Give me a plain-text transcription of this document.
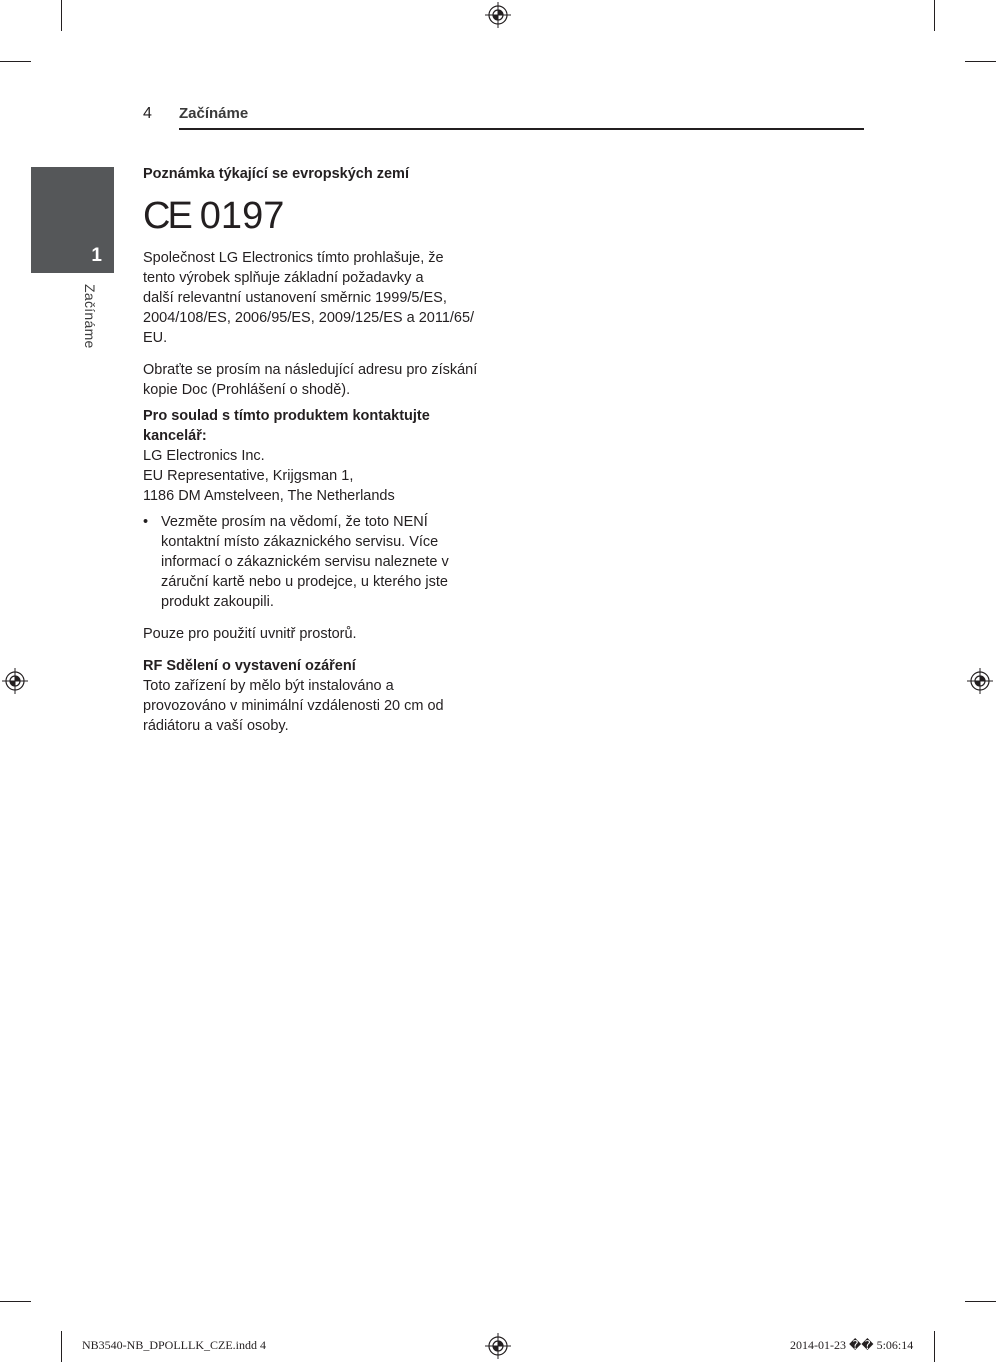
4 Začínáme
1
Začínáme

Poznámka týkající se evropských zemí

CE 0197

Společnost LG Electronics tímto prohlašuje, že
tento výrobek splňuje základní požadavky a
další relevantní ustanovení směrnic 1999/5/ES,
2004/108/ES, 2006/95/ES, 2009/125/ES a 2011/65/
EU.

Obraťte se prosím na následující adresu pro získání
kopie Doc (Prohlášení o shodě).

Pro soulad s tímto produktem kontaktujte
kancelář:

LG Electronics Inc.
EU Representative, Krijgsman 1,
1186 DM Amstelveen, The Netherlands

• Vezměte prosím na vědomí, že toto NENÍ
kontaktní místo zákaznického servisu. Více
informací o zákaznickém servisu naleznete v
záruční kartě nebo u prodejce, u kterého jste
produkt zakoupili.

Pouze pro použití uvnitř prostorů.

RF Sdělení o vystavení ozáření

Toto zařízení by mělo být instalováno a
provozováno v minimální vzdálenosti 20 cm od
rádiátoru a vaší osoby.

NB3540-NB_DPOLLLK_CZE.indd 4	2014-01-23 �� 5:06:14
